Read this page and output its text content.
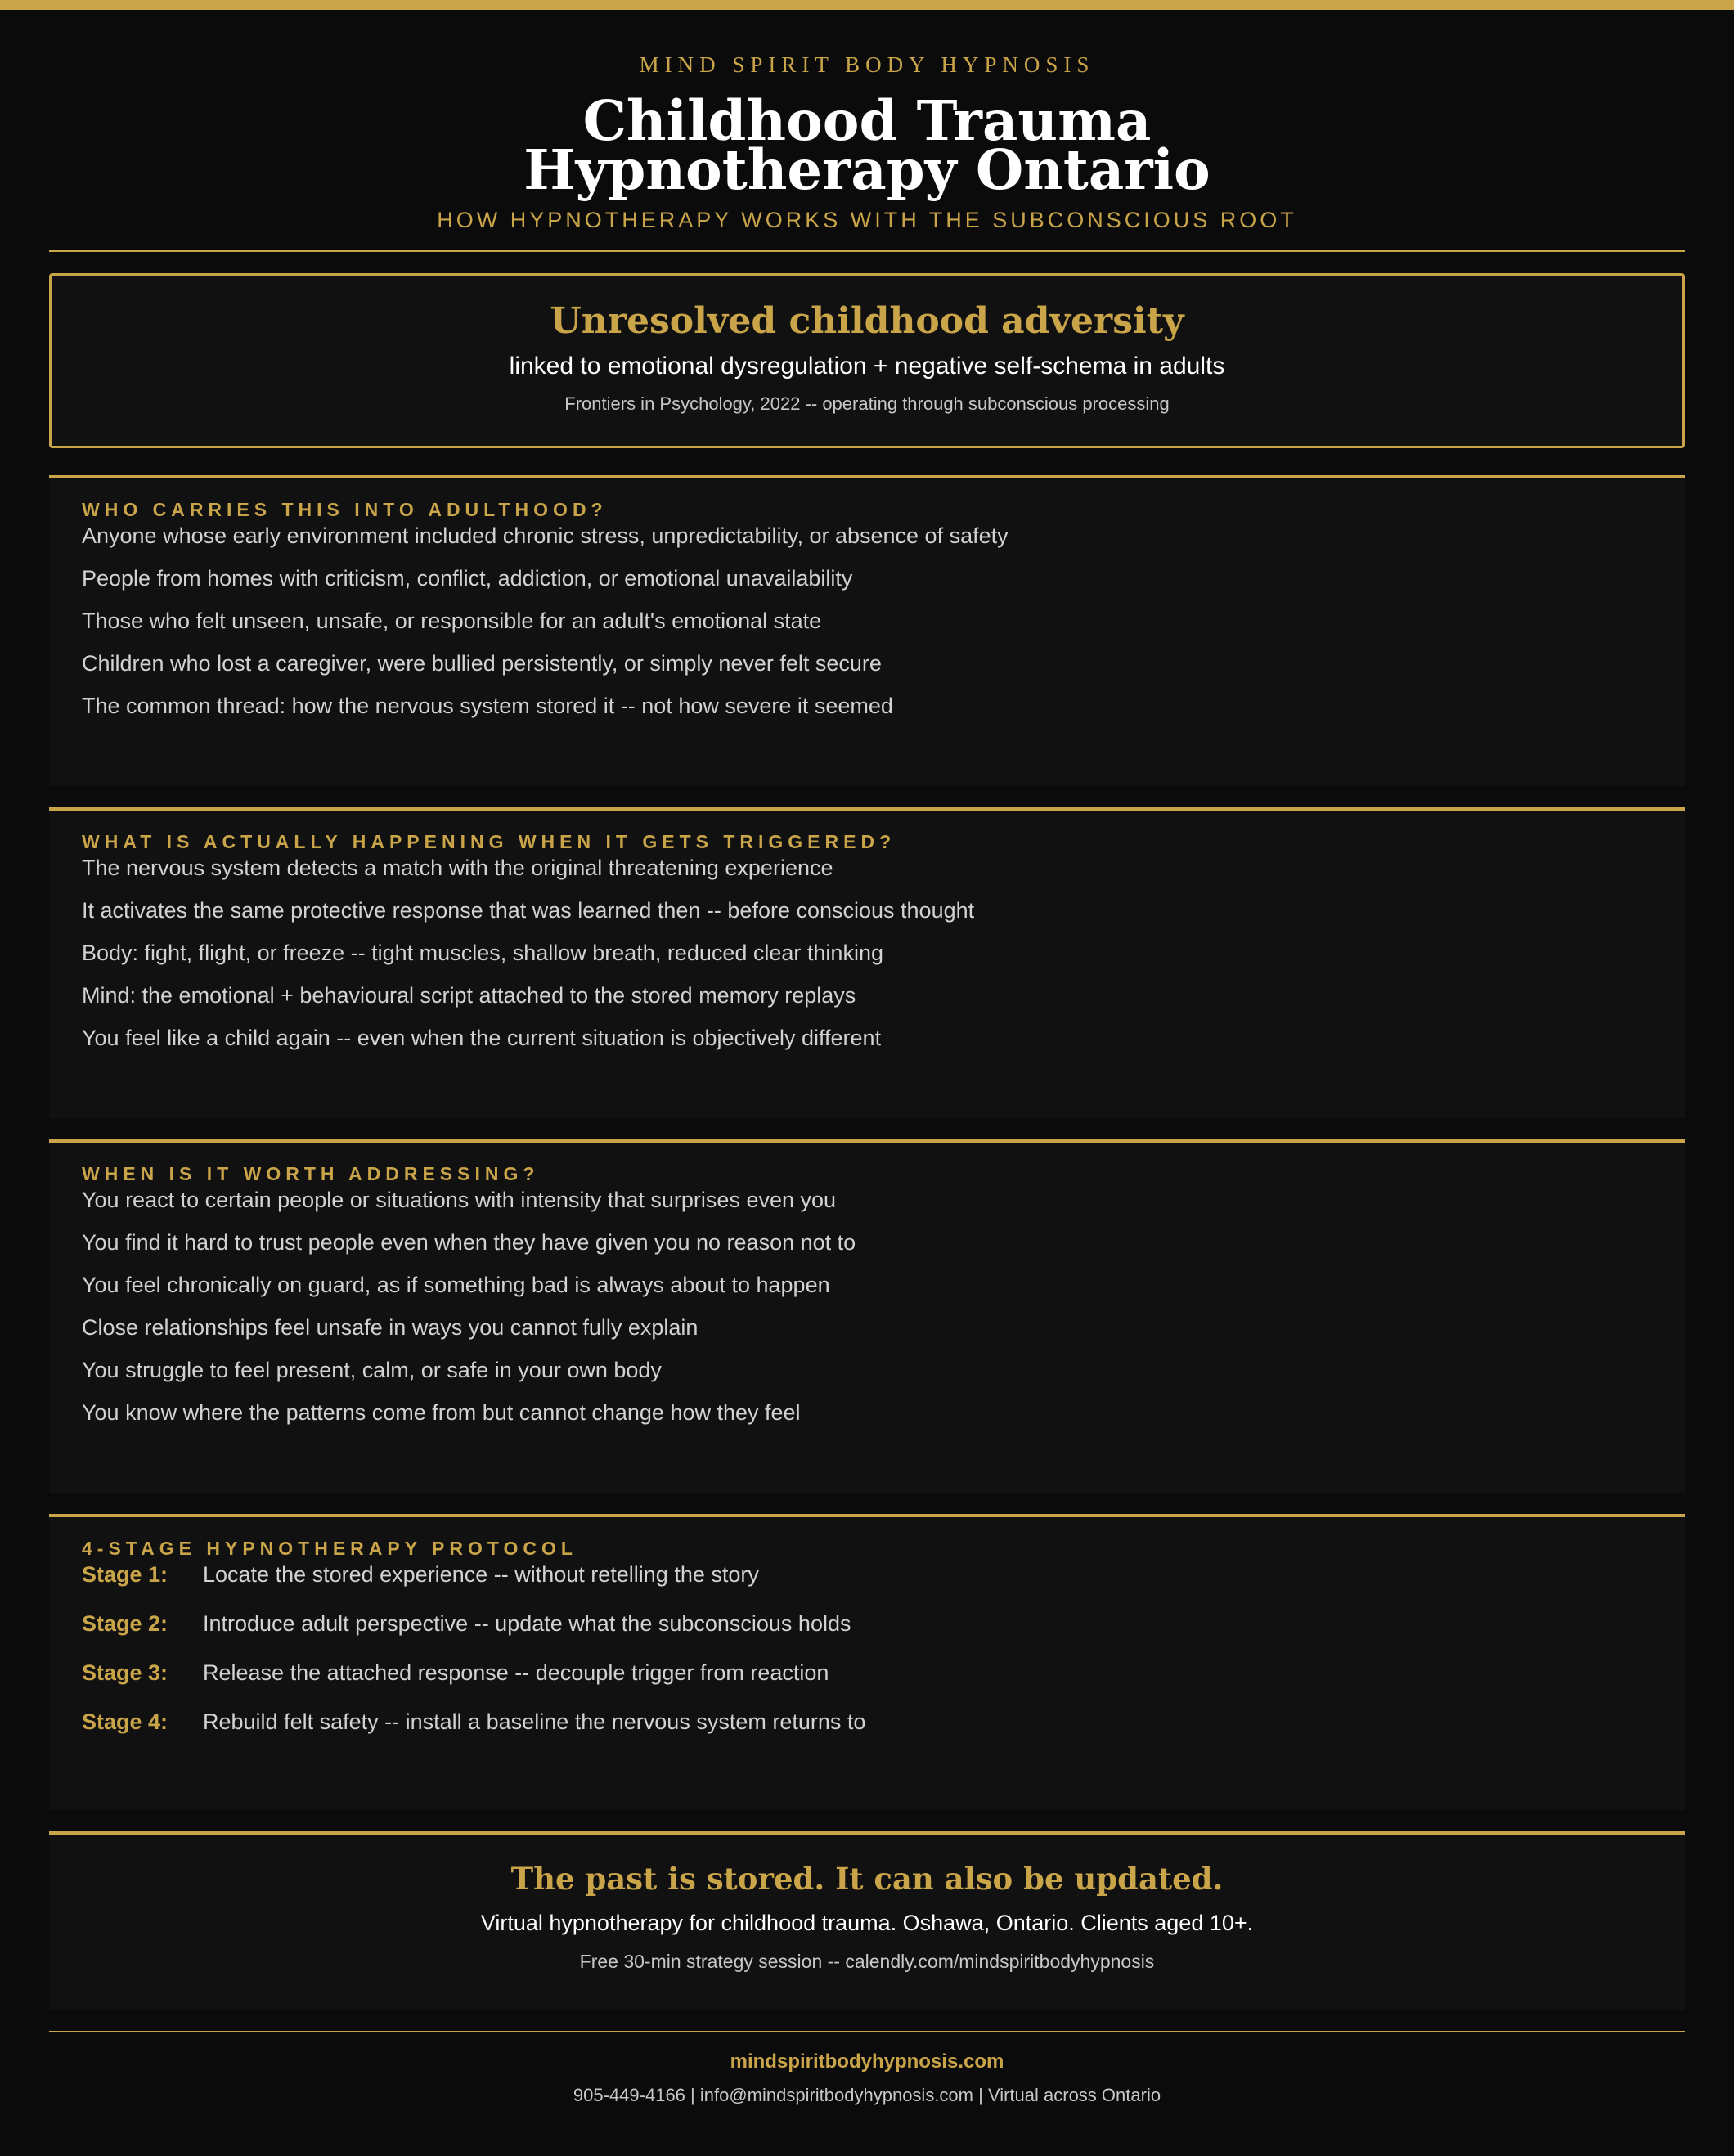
MIND SPIRIT BODY HYPNOSIS
Childhood Trauma
Hypnotherapy Ontario
HOW HYPNOTHERAPY WORKS WITH THE SUBCONSCIOUS ROOT
Unresolved childhood adversity
linked to emotional dysregulation + negative self-schema in adults
Frontiers in Psychology, 2022 -- operating through subconscious processing
WHO CARRIES THIS INTO ADULTHOOD?
Anyone whose early environment included chronic stress, unpredictability, or absence of safety
People from homes with criticism, conflict, addiction, or emotional unavailability
Those who felt unseen, unsafe, or responsible for an adult's emotional state
Children who lost a caregiver, were bullied persistently, or simply never felt secure
The common thread: how the nervous system stored it -- not how severe it seemed
WHAT IS ACTUALLY HAPPENING WHEN IT GETS TRIGGERED?
The nervous system detects a match with the original threatening experience
It activates the same protective response that was learned then -- before conscious thought
Body: fight, flight, or freeze -- tight muscles, shallow breath, reduced clear thinking
Mind: the emotional + behavioural script attached to the stored memory replays
You feel like a child again -- even when the current situation is objectively different
WHEN IS IT WORTH ADDRESSING?
You react to certain people or situations with intensity that surprises even you
You find it hard to trust people even when they have given you no reason not to
You feel chronically on guard, as if something bad is always about to happen
Close relationships feel unsafe in ways you cannot fully explain
You struggle to feel present, calm, or safe in your own body
You know where the patterns come from but cannot change how they feel
4-STAGE HYPNOTHERAPY PROTOCOL
Stage 1:	Locate the stored experience -- without retelling the story
Stage 2:	Introduce adult perspective -- update what the subconscious holds
Stage 3:	Release the attached response -- decouple trigger from reaction
Stage 4:	Rebuild felt safety -- install a baseline the nervous system returns to
The past is stored. It can also be updated.
Virtual hypnotherapy for childhood trauma. Oshawa, Ontario. Clients aged 10+.
Free 30-min strategy session -- calendly.com/mindspiritbodyhypnosis
mindspiritbodyhypnosis.com
905-449-4166 | info@mindspiritbodyhypnosis.com | Virtual across Ontario
